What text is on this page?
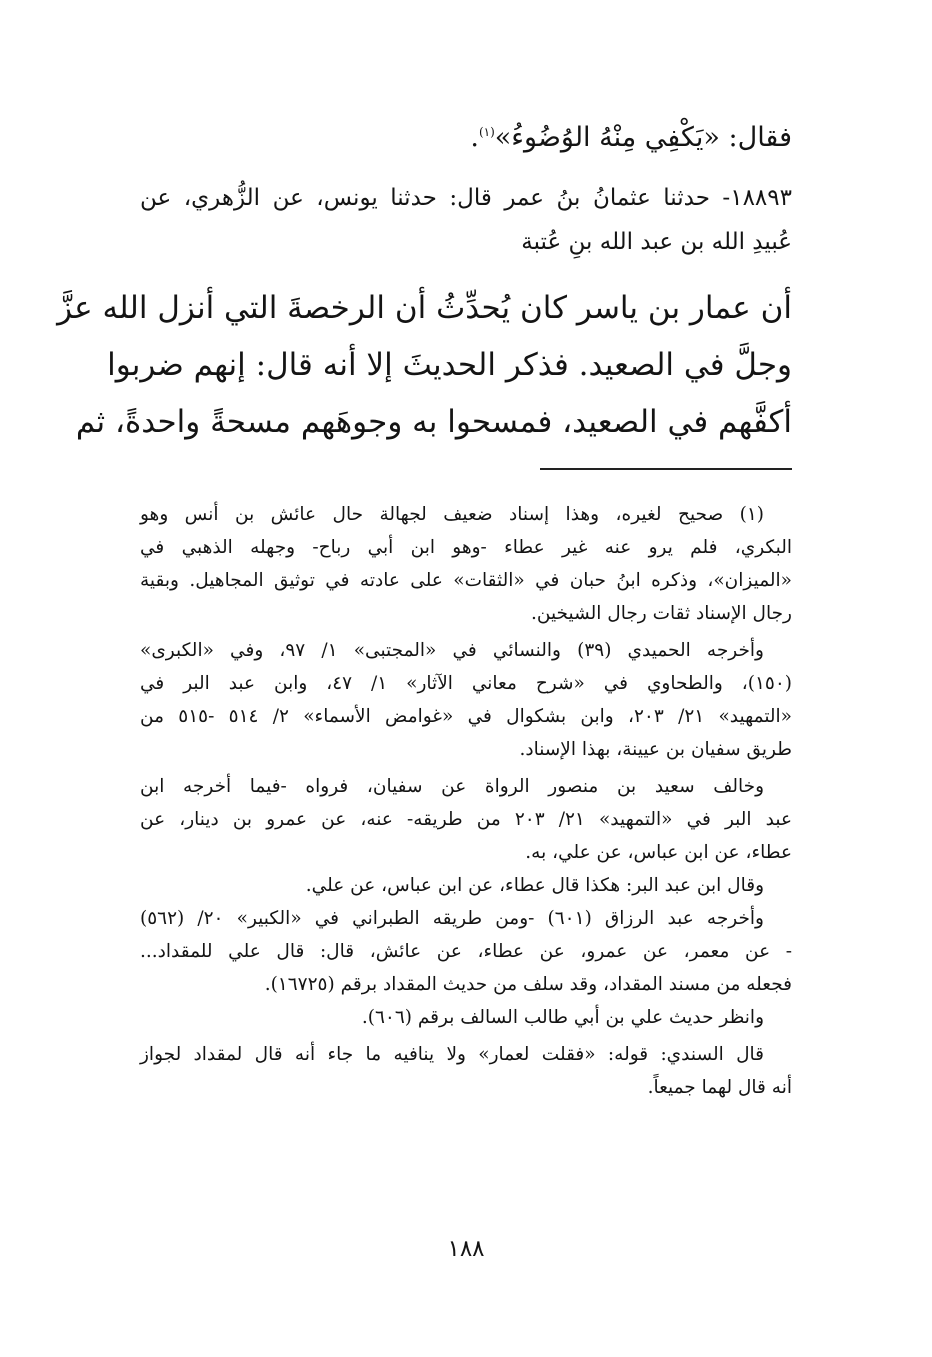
فقال: «يَكْفِي مِنْهُ الوُضُوءُ»$^{(١)}$.
١٨٨٩٣- حدثنا عثمانُ بنُ عمر قال: حدثنا يونس، عن الزُّهري، عن
عُبيدِ الله بن عبد الله بنِ عُتبة
أن عمار بن ياسر كان يُحدِّثُ أن الرخصةَ التي أنزل الله عزَّ
وجلَّ في الصعيد. فذكر الحديثَ إلا أنه قال: إنهم ضربوا
أكفَّهم في الصعيد، فمسحوا به وجوهَهم مسحةً واحدةً، ثم
(١) صحيح لغيره، وهذا إسناد ضعيف لجهالة حال عائش بن أنس وهو
البكري، فلم يرو عنه غير عطاء -وهو ابن أبي رباح- وجهله الذهبي في
«الميزان»، وذكره ابنُ حبان في «الثقات» على عادته في توثيق المجاهيل. وبقية
رجال الإسناد ثقات رجال الشيخين.
وأخرجه الحميدي (٣٩) والنسائي في «المجتبى» ١/ ٩٧، وفي «الكبرى»
(١٥٠)، والطحاوي في «شرح معاني الآثار» ١/ ٤٧، وابن عبد البر في
«التمهيد» ٢١/ ٢٠٣، وابن بشكوال في «غوامض الأسماء» ٢/ ٥١٤ -٥١٥ من
طريق سفيان بن عيينة، بهذا الإسناد.
وخالف سعيد بن منصور الرواة عن سفيان، فرواه -فيما أخرجه ابن
عبد البر في «التمهيد» ٢١/ ٢٠٣ من طريقه- عنه، عن عمرو بن دينار، عن
عطاء، عن ابن عباس، عن علي، به.
وقال ابن عبد البر: هكذا قال عطاء، عن ابن عباس، عن علي.
وأخرجه عبد الرزاق (٦٠١) -ومن طريقه الطبراني في «الكبير» ٢٠/ (٥٦٢)
- عن معمر، عن عمرو، عن عطاء، عن عائش، قال: قال علي للمقداد...
فجعله من مسند المقداد، وقد سلف من حديث المقداد برقم (١٦٧٢٥).
وانظر حديث علي بن أبي طالب السالف برقم (٦٠٦).
قال السندي: قوله: «فقلت لعمار» ولا ينافيه ما جاء أنه قال لمقداد لجواز
أنه قال لهما جميعاً.
١٨٨
